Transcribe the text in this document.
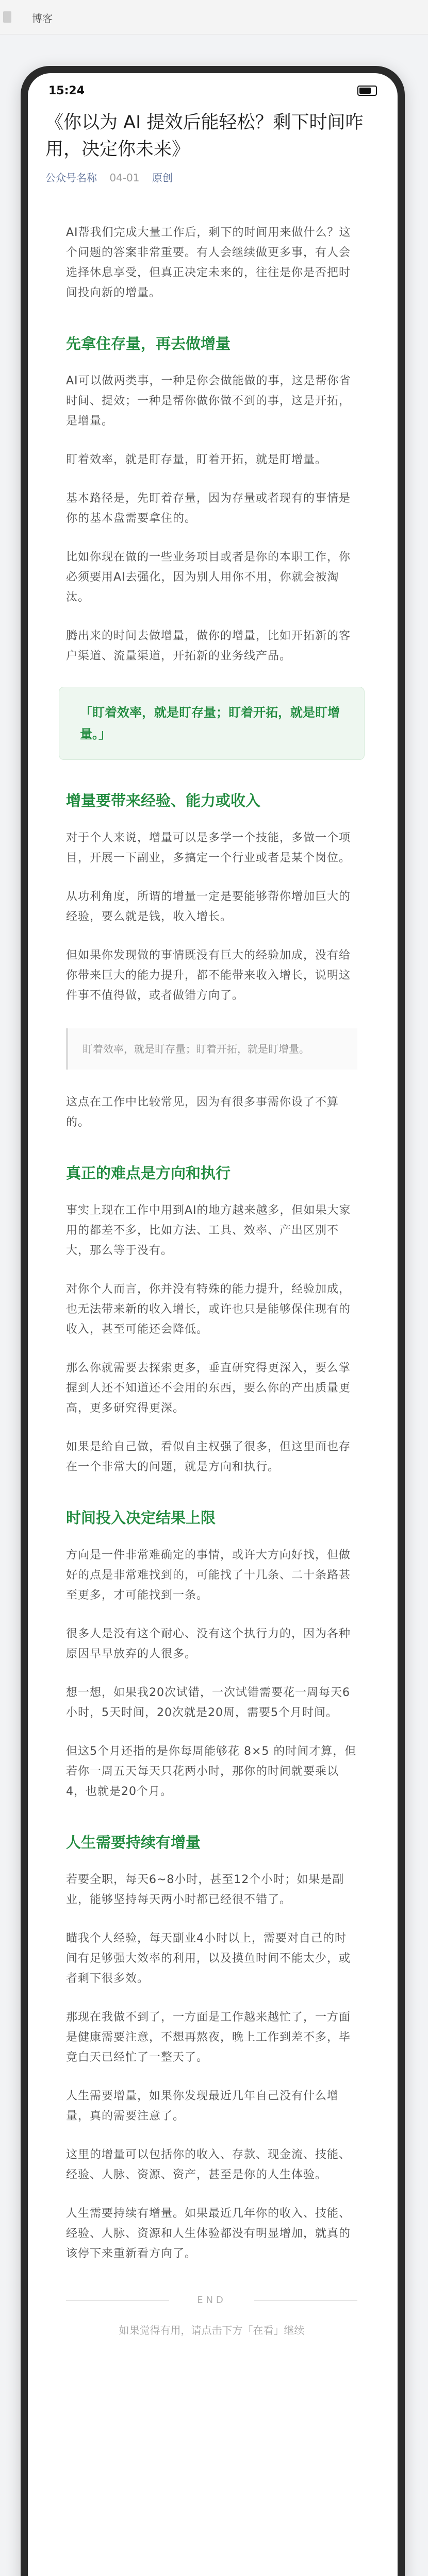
博客
15:24
《你以为 AI 提效后能轻松？剩下时间咋用，决定你未来》
公众号名称 04-01 原创
AI帮我们完成大量工作后，剩下的时间用来做什么？这个问题的答案非常重要。有人会继续做更多事，有人会选择休息享受，但真正决定未来的，往往是你是否把时间投向新的增量。
先拿住存量，再去做增量
AI可以做两类事，一种是你会做能做的事，这是帮你省时间、提效；一种是帮你做你做不到的事，这是开拓，是增量。
盯着效率，就是盯存量，盯着开拓，就是盯增量。
基本路径是，先盯着存量，因为存量或者现有的事情是你的基本盘需要拿住的。
比如你现在做的一些业务项目或者是你的本职工作，你必须要用AI去强化，因为别人用你不用，你就会被淘汰。
腾出来的时间去做增量，做你的增量，比如开拓新的客户渠道、流量渠道，开拓新的业务线产品。
「盯着效率，就是盯存量；盯着开拓，就是盯增量。」
增量要带来经验、能力或收入
对于个人来说，增量可以是多学一个技能，多做一个项目，开展一下副业，多搞定一个行业或者是某个岗位。
从功利角度，所谓的增量一定是要能够帮你增加巨大的经验，要么就是钱，收入增长。
但如果你发现做的事情既没有巨大的经验加成，没有给你带来巨大的能力提升，都不能带来收入增长，说明这件事不值得做，或者做错方向了。
盯着效率，就是盯存量；盯着开拓，就是盯增量。
这点在工作中比较常见，因为有很多事需你设了不算的。
真正的难点是方向和执行
事实上现在工作中用到AI的地方越来越多，但如果大家用的都差不多，比如方法、工具、效率、产出区别不大，那么等于没有。
对你个人而言，你并没有特殊的能力提升，经验加成，也无法带来新的收入增长，或许也只是能够保住现有的收入，甚至可能还会降低。
那么你就需要去探索更多，垂直研究得更深入，要么掌握到人还不知道还不会用的东西，要么你的产出质量更高，更多研究得更深。
如果是给自己做，看似自主权强了很多，但这里面也存在一个非常大的问题，就是方向和执行。
时间投入决定结果上限
方向是一件非常难确定的事情，或许大方向好找，但做好的点是非常难找到的，可能找了十几条、二十条路甚至更多，才可能找到一条。
很多人是没有这个耐心、没有这个执行力的，因为各种原因早早放弃的人很多。
想一想，如果我20次试错，一次试错需要花一周每天6小时，5天时间，20次就是20周，需要5个月时间。
但这5个月还指的是你每周能够花 8×5 的时间才算，但若你一周五天每天只花两小时，那你的时间就要乘以4，也就是20个月。
人生需要持续有增量
若要全职，每天6~8小时，甚至12个小时；如果是副业，能够坚持每天两小时都已经很不错了。
瞄我个人经验，每天副业4小时以上，需要对自己的时间有足够强大效率的利用，以及摸鱼时间不能太少，或者剩下很多效。
那现在我做不到了，一方面是工作越来越忙了，一方面是健康需要注意，不想再熬夜，晚上工作到差不多，毕竟白天已经忙了一整天了。
人生需要增量，如果你发现最近几年自己没有什么增量，真的需要注意了。
这里的增量可以包括你的收入、存款、现金流、技能、经验、人脉、资源、资产，甚至是你的人生体验。
人生需要持续有增量。如果最近几年你的收入、技能、经验、人脉、资源和人生体验都没有明显增加，就真的该停下来重新看方向了。
END
如果觉得有用，请点击下方「在看」继续
